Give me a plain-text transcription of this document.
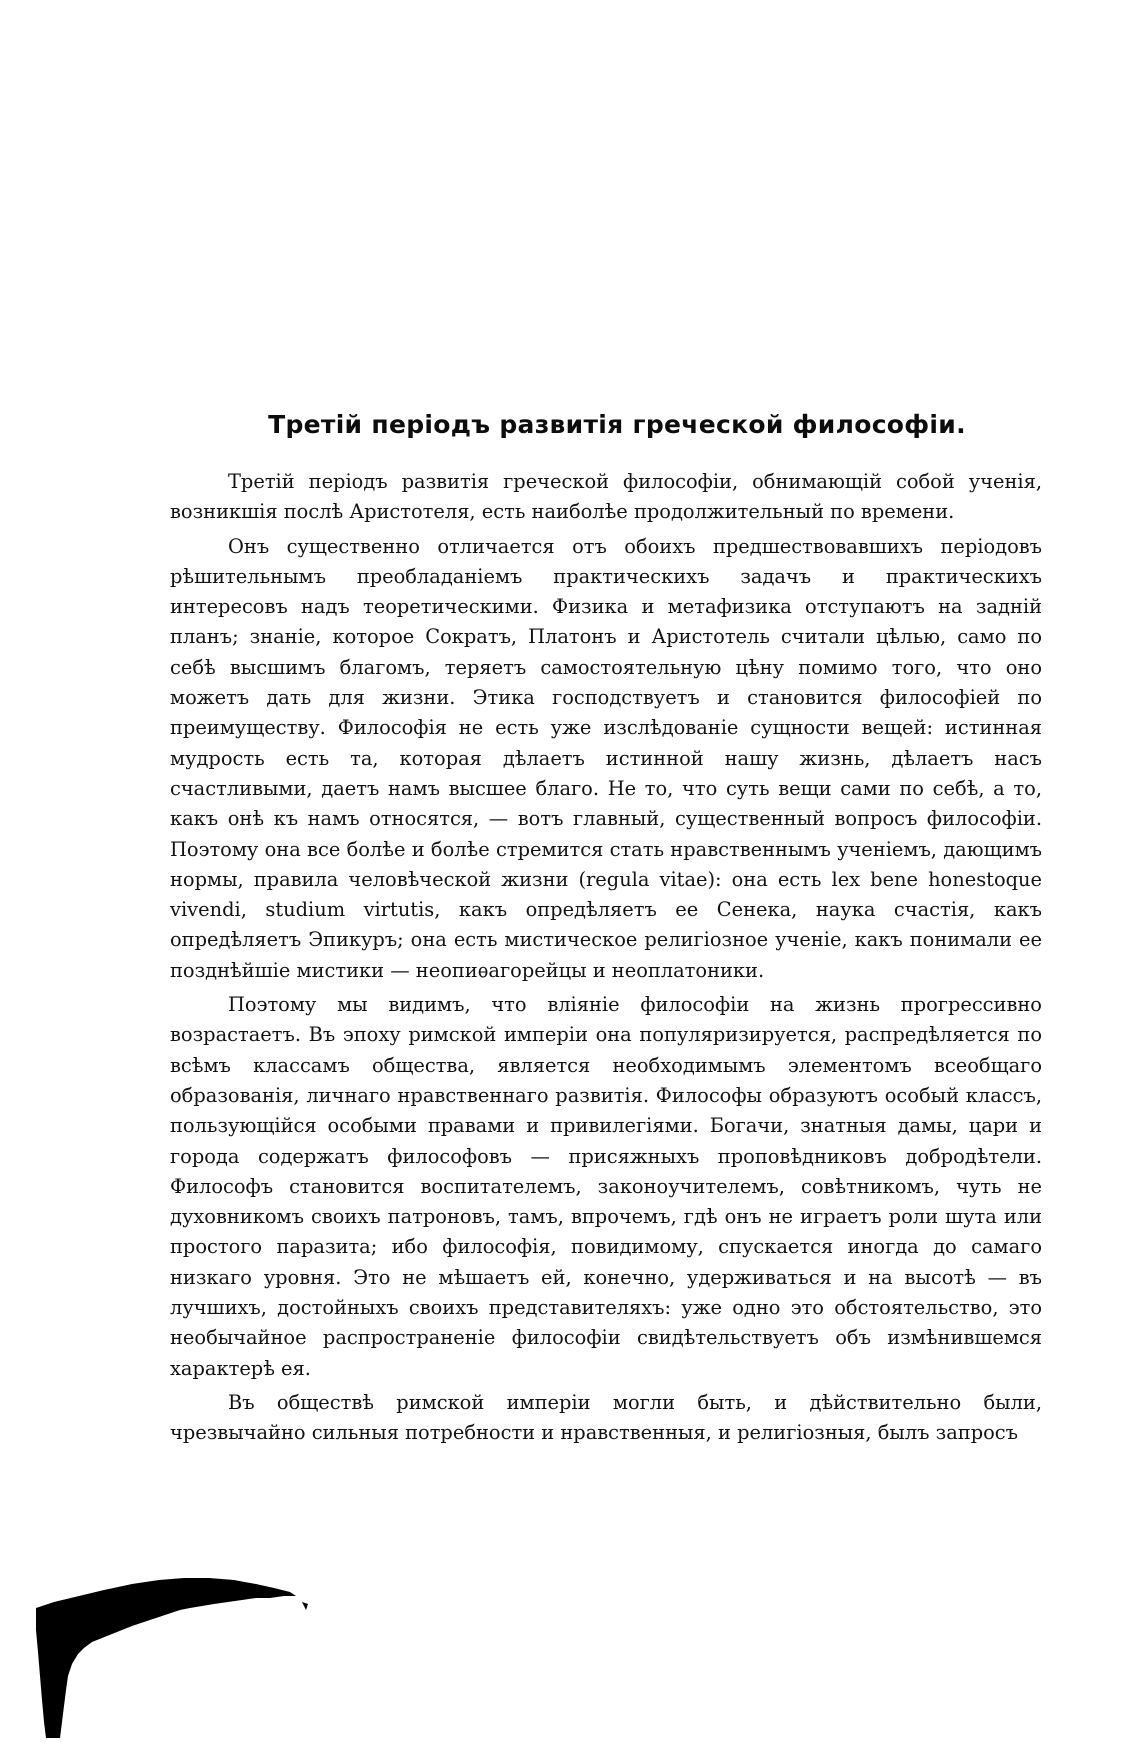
Третій періодъ развитія греческой философіи.

Третій періодъ развитія греческой философіи, обнимающій собой ученія, возникшія послѣ Аристотеля, есть наиболѣе продолжительный по времени.

Онъ существенно отличается отъ обоихъ предшествовавшихъ періодовъ рѣшительнымъ преобладаніемъ практическихъ задачъ и практическихъ интересовъ надъ теоретическими. Физика и метафизика отступаютъ на задній планъ; знаніе, которое Сократъ, Платонъ и Аристотель считали цѣлью, само по себѣ высшимъ благомъ, теряетъ самостоятельную цѣну помимо того, что оно можетъ дать для жизни. Этика господствуетъ и становится философіей по преимуществу. Философія не есть уже изслѣдованіе сущности вещей: истинная мудрость есть та, которая дѣлаетъ истинной нашу жизнь, дѣлаетъ насъ счастливыми, даетъ намъ высшее благо. Не то, что суть вещи сами по себѣ, а то, какъ онѣ къ намъ относятся, — вотъ главный, существенный вопросъ философіи. Поэтому она все болѣе и болѣе стремится стать нравственнымъ ученіемъ, дающимъ нормы, правила человѣческой жизни (regula vitae): она есть lex bene honestoque vivendi, studium virtutis, какъ опредѣляетъ ее Сенека, наука счастія, какъ опредѣляетъ Эпикуръ; она есть мистическое религіозное ученіе, какъ понимали ее позднѣйшіе мистики — неопиѳагорейцы и неоплатоники.

Поэтому мы видимъ, что вліяніе философіи на жизнь прогрессивно возрастаетъ. Въ эпоху римской имперіи она популяризируется, распредѣляется по всѣмъ классамъ общества, является необходимымъ элементомъ всеобщаго образованія, личнаго нравственнаго развитія. Философы образуютъ особый классъ, пользующійся особыми правами и привилегіями. Богачи, знатныя дамы, цари и города содержатъ философовъ — присяжныхъ проповѣдниковъ добродѣтели. Философъ становится воспитателемъ, законоучителемъ, совѣтникомъ, чуть не духовникомъ своихъ патроновъ, тамъ, впрочемъ, гдѣ онъ не играетъ роли шута или простого паразита; ибо философія, повидимому, спускается иногда до самаго низкаго уровня. Это не мѣшаетъ ей, конечно, удерживаться и на высотѣ — въ лучшихъ, достойныхъ своихъ представителяхъ: уже одно это обстоятельство, это необычайное распространеніе философіи свидѣтельствуетъ объ измѣнившемся характерѣ ея.

Въ обществѣ римской имперіи могли быть, и дѣйствительно были, чрезвычайно сильныя потребности и нравственныя, и религіозныя, былъ запросъ
